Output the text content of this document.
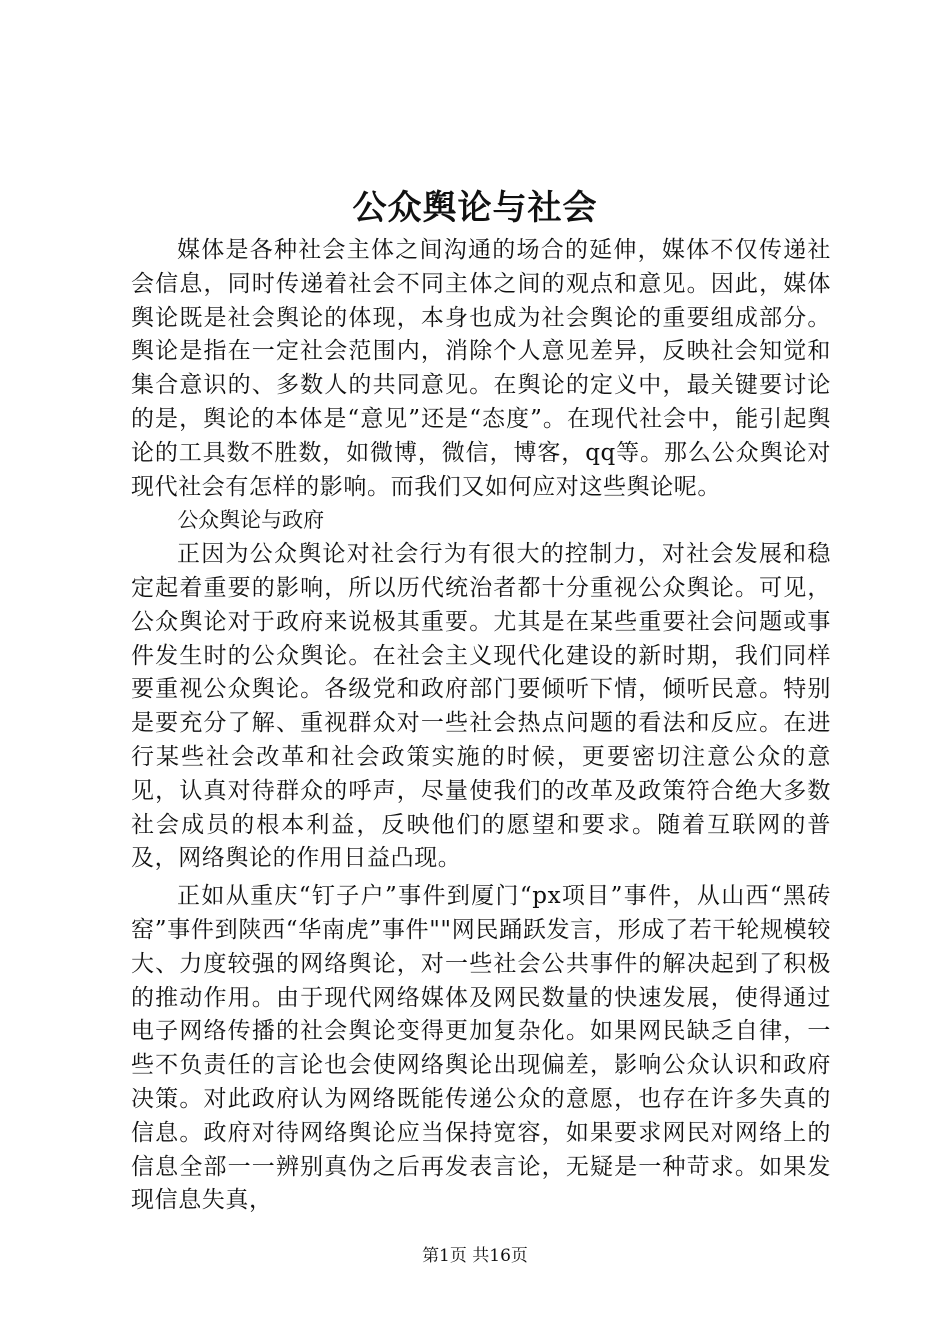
公众舆论与社会

媒体是各种社会主体之间沟通的场合的延伸，媒体不仅传递社会信息，同时传递着社会不同主体之间的观点和意见。因此，媒体舆论既是社会舆论的体现，本身也成为社会舆论的重要组成部分。舆论是指在一定社会范围内，消除个人意见差异，反映社会知觉和集合意识的、多数人的共同意见。在舆论的定义中，最关键要讨论的是，舆论的本体是“意见”还是“态度”。在现代社会中，能引起舆论的工具数不胜数，如微博，微信，博客，qq等。那么公众舆论对现代社会有怎样的影响。而我们又如何应对这些舆论呢。

公众舆论与政府

正因为公众舆论对社会行为有很大的控制力，对社会发展和稳定起着重要的影响，所以历代统治者都十分重视公众舆论。可见，公众舆论对于政府来说极其重要。尤其是在某些重要社会问题或事件发生时的公众舆论。在社会主义现代化建设的新时期，我们同样要重视公众舆论。各级党和政府部门要倾听下情，倾听民意。特别是要充分了解、重视群众对一些社会热点问题的看法和反应。在进行某些社会改革和社会政策实施的时候，更要密切注意公众的意见，认真对待群众的呼声，尽量使我们的改革及政策符合绝大多数社会成员的根本利益，反映他们的愿望和要求。随着互联网的普及，网络舆论的作用日益凸现。

正如从重庆“钉子户”事件到厦门“px项目”事件，从山西“黑砖窑”事件到陕西“华南虎”事件""网民踊跃发言，形成了若干轮规模较大、力度较强的网络舆论，对一些社会公共事件的解决起到了积极的推动作用。由于现代网络媒体及网民数量的快速发展，使得通过电子网络传播的社会舆论变得更加复杂化。如果网民缺乏自律，一些不负责任的言论也会使网络舆论出现偏差，影响公众认识和政府决策。对此政府认为网络既能传递公众的意愿，也存在许多失真的信息。政府对待网络舆论应当保持宽容，如果要求网民对网络上的信息全部一一辨别真伪之后再发表言论，无疑是一种苛求。如果发现信息失真，

第1页 共16页
